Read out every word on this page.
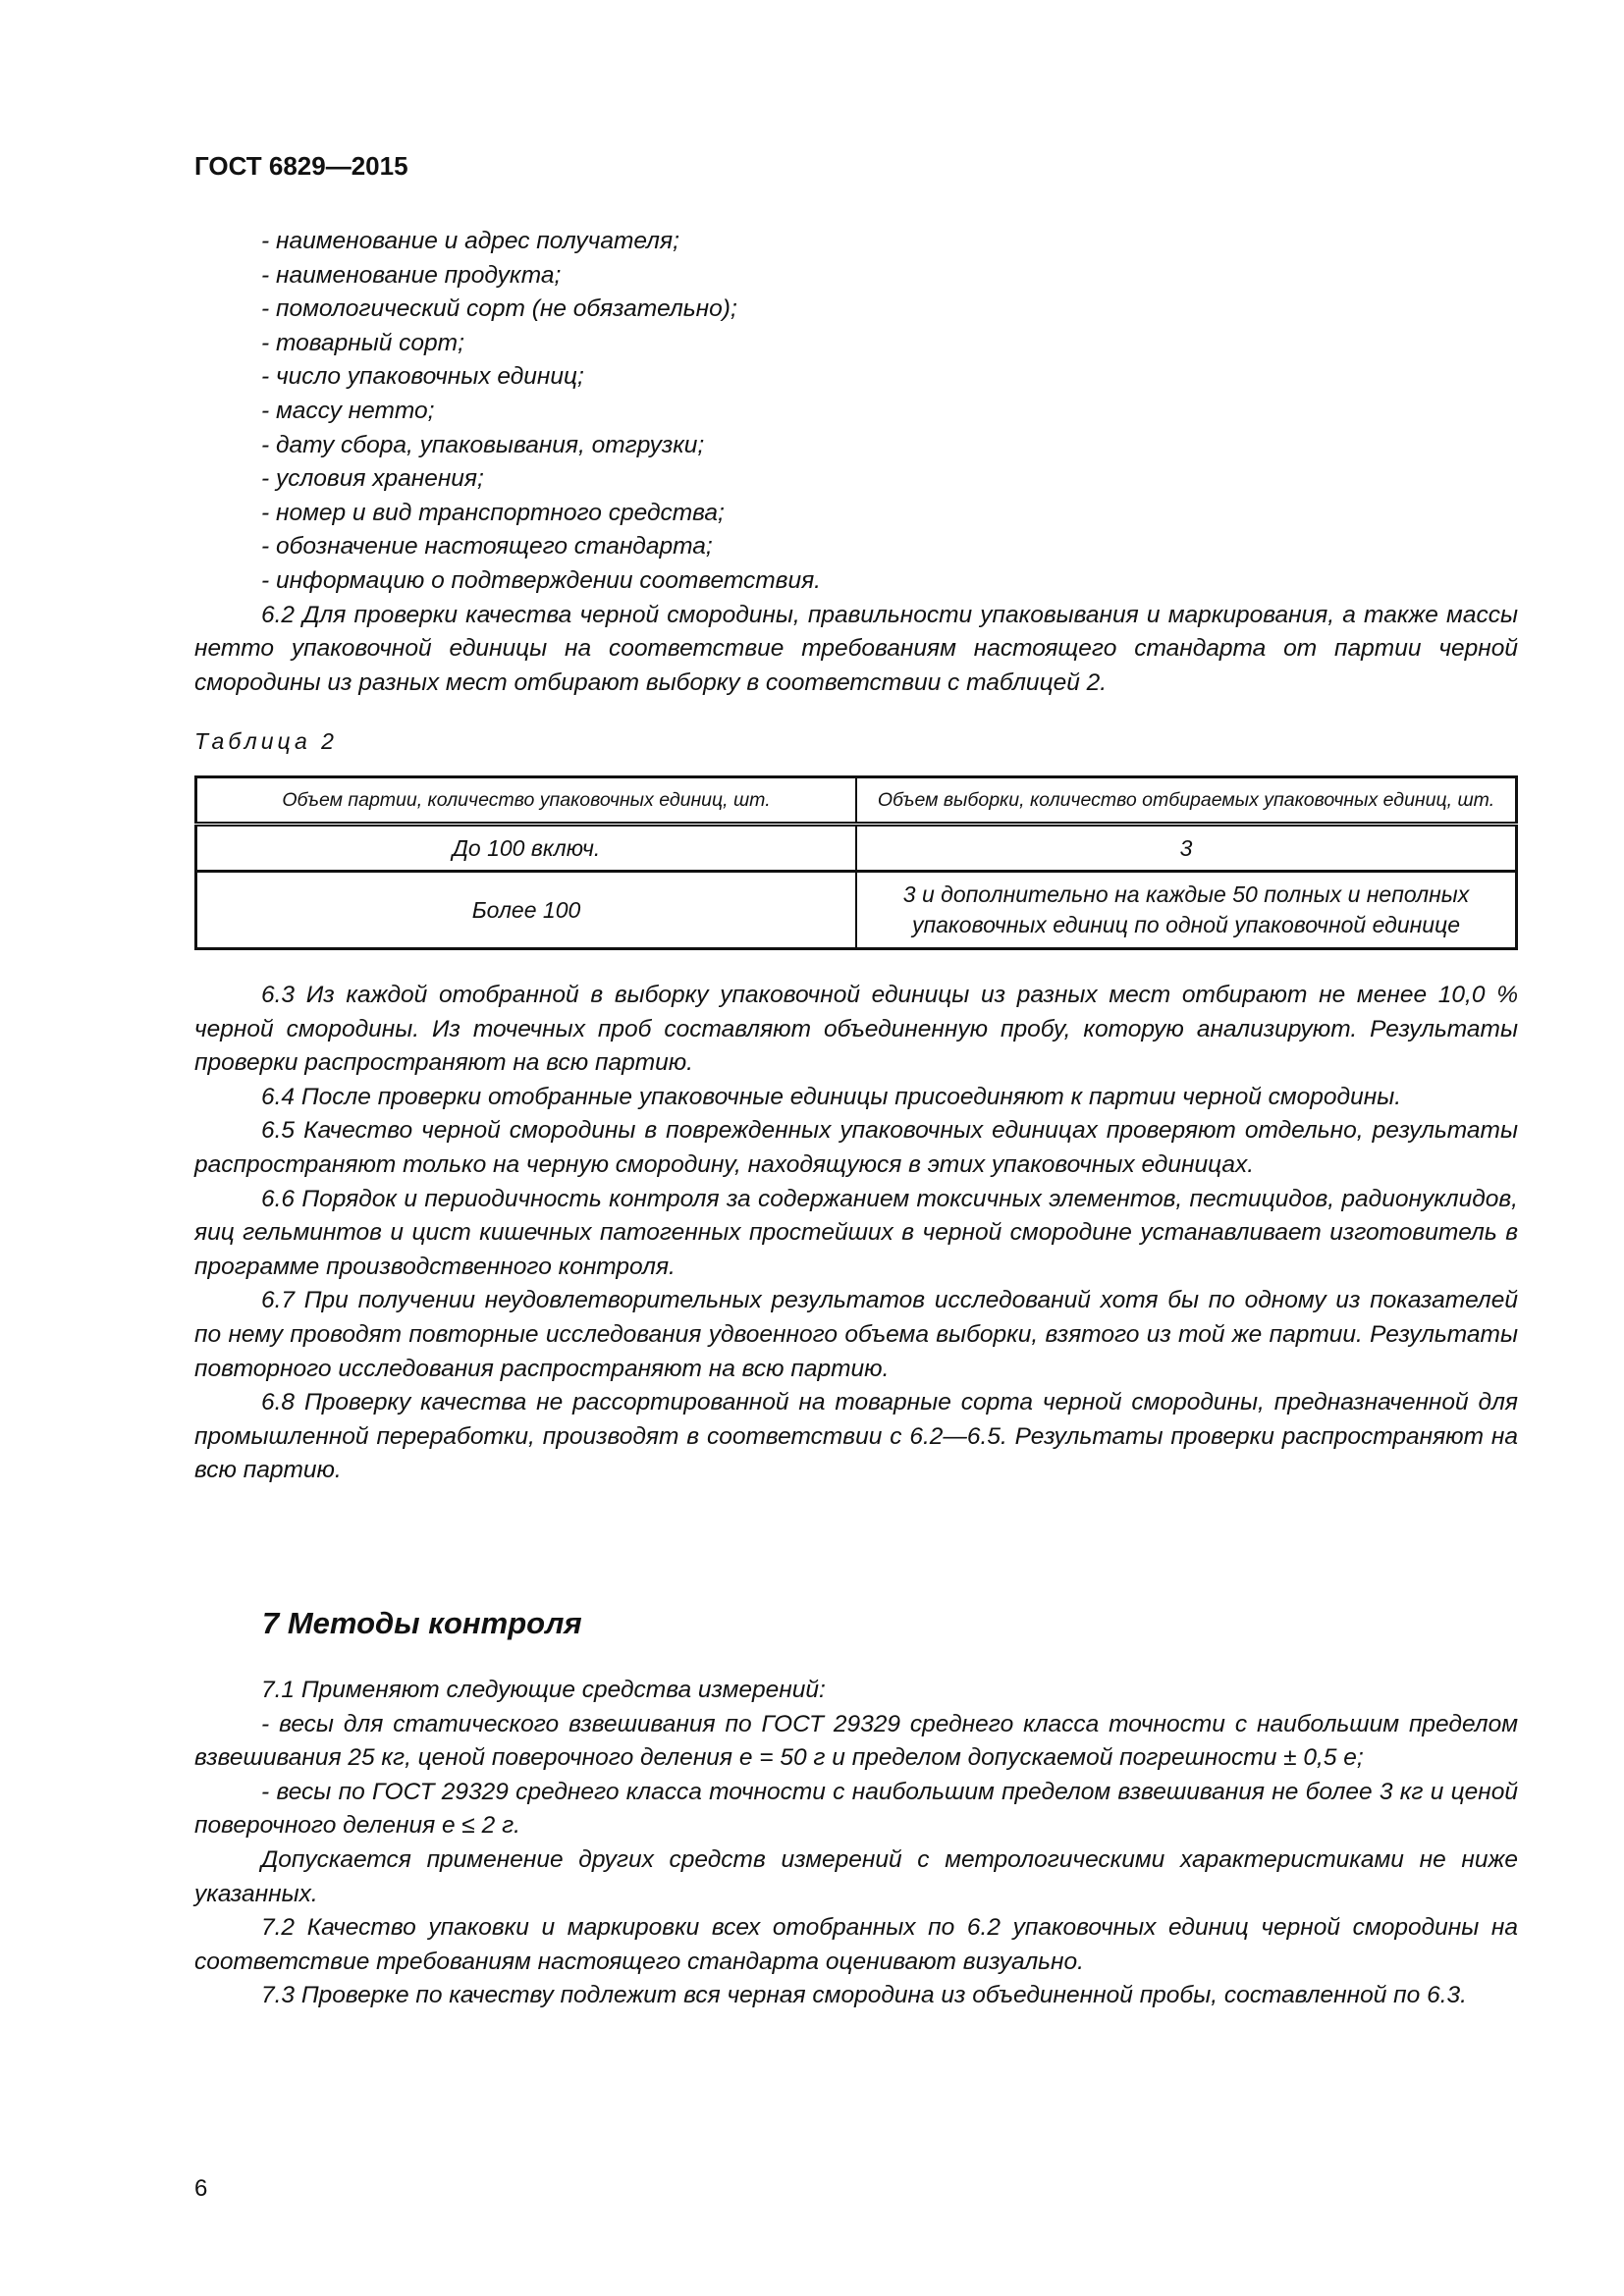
ГОСТ 6829—2015
- наименование и адрес получателя;
- наименование продукта;
- помологический сорт (не обязательно);
- товарный сорт;
- число упаковочных единиц;
- массу нетто;
- дату сбора, упаковывания, отгрузки;
- условия хранения;
- номер и вид транспортного средства;
- обозначение настоящего стандарта;
- информацию о подтверждении соответствия.

6.2 Для проверки качества черной смородины, правильности упаковывания и маркирования, а также массы нетто упаковочной единицы на соответствие требованиям настоящего стандарта от партии черной смородины из разных мест отбирают выборку в соответствии с таблицей 2.

Таблица 2
Объем партии, количество упаковочных единиц, шт.	Объем выборки, количество отбираемых упаковочных единиц, шт.
До 100 включ.	3
Более 100	3 и дополнительно на каждые 50 полных и неполных упаковочных единиц по одной упаковочной единице

6.3 Из каждой отобранной в выборку упаковочной единицы из разных мест отбирают не менее 10,0 % черной смородины. Из точечных проб составляют объединенную пробу, которую анализируют. Результаты проверки распространяют на всю партию.

6.4 После проверки отобранные упаковочные единицы присоединяют к партии черной смородины.

6.5 Качество черной смородины в поврежденных упаковочных единицах проверяют отдельно, результаты распространяют только на черную смородину, находящуюся в этих упаковочных единицах.

6.6 Порядок и периодичность контроля за содержанием токсичных элементов, пестицидов, радионуклидов, яиц гельминтов и цист кишечных патогенных простейших в черной смородине устанавливает изготовитель в программе производственного контроля.

6.7 При получении неудовлетворительных результатов исследований хотя бы по одному из показателей по нему проводят повторные исследования удвоенного объема выборки, взятого из той же партии. Результаты повторного исследования распространяют на всю партию.

6.8 Проверку качества не рассортированной на товарные сорта черной смородины, предназначенной для промышленной переработки, производят в соответствии с 6.2—6.5. Результаты проверки распространяют на всю партию.

7 Методы контроля

7.1 Применяют следующие средства измерений:

- весы для статического взвешивания по ГОСТ 29329 среднего класса точности с наибольшим пределом взвешивания 25 кг, ценой поверочного деления e = 50 г и пределом допускаемой погрешности ± 0,5 e;

- весы по ГОСТ 29329 среднего класса точности с наибольшим пределом взвешивания не более 3 кг и ценой поверочного деления e ≤ 2 г.

Допускается применение других средств измерений с метрологическими характеристиками не ниже указанных.

7.2 Качество упаковки и маркировки всех отобранных по 6.2 упаковочных единиц черной смородины на соответствие требованиям настоящего стандарта оценивают визуально.

7.3 Проверке по качеству подлежит вся черная смородина из объединенной пробы, составленной по 6.3.

6
